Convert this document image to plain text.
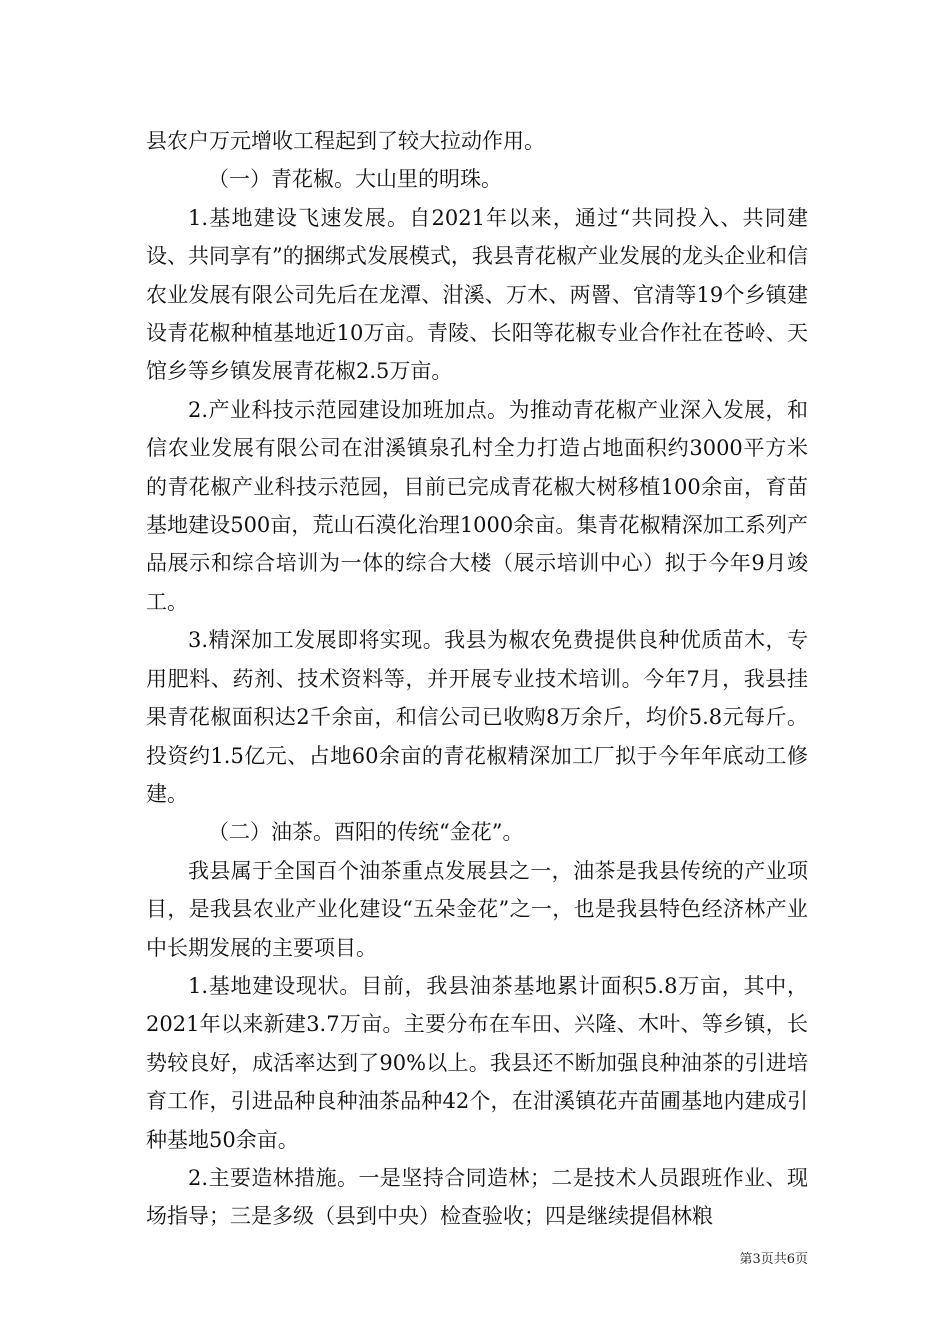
县农户万元增收工程起到了较大拉动作用。

（一）青花椒。大山里的明珠。

1.基地建设飞速发展。自2021年以来，通过“共同投入、共同建设、共同享有”的捆绑式发展模式，我县青花椒产业发展的龙头企业和信农业发展有限公司先后在龙潭、泔溪、万木、两罾、官清等19个乡镇建设青花椒种植基地近10万亩。青陵、长阳等花椒专业合作社在苍岭、天馆乡等乡镇发展青花椒2.5万亩。

2.产业科技示范园建设加班加点。为推动青花椒产业深入发展，和信农业发展有限公司在泔溪镇泉孔村全力打造占地面积约3000平方米的青花椒产业科技示范园，目前已完成青花椒大树移植100余亩，育苗基地建设500亩，荒山石漠化治理1000余亩。集青花椒精深加工系列产品展示和综合培训为一体的综合大楼（展示培训中心）拟于今年9月竣工。

3.精深加工发展即将实现。我县为椒农免费提供良种优质苗木，专用肥料、药剂、技术资料等，并开展专业技术培训。今年7月，我县挂果青花椒面积达2千余亩，和信公司已收购8万余斤，均价5.8元每斤。投资约1.5亿元、占地60余亩的青花椒精深加工厂拟于今年年底动工修建。

（二）油茶。酉阳的传统“金花”。

我县属于全国百个油茶重点发展县之一，油茶是我县传统的产业项目，是我县农业产业化建设“五朵金花”之一，也是我县特色经济林产业中长期发展的主要项目。

1.基地建设现状。目前，我县油茶基地累计面积5.8万亩，其中，2021年以来新建3.7万亩。主要分布在车田、兴隆、木叶、等乡镇，长势较良好，成活率达到了90%以上。我县还不断加强良种油茶的引进培育工作，引进品种良种油茶品种42个，在泔溪镇花卉苗圃基地内建成引种基地50余亩。

2.主要造林措施。一是坚持合同造林；二是技术人员跟班作业、现场指导；三是多级（县到中央）检查验收；四是继续提倡林粮

第3页共6页
